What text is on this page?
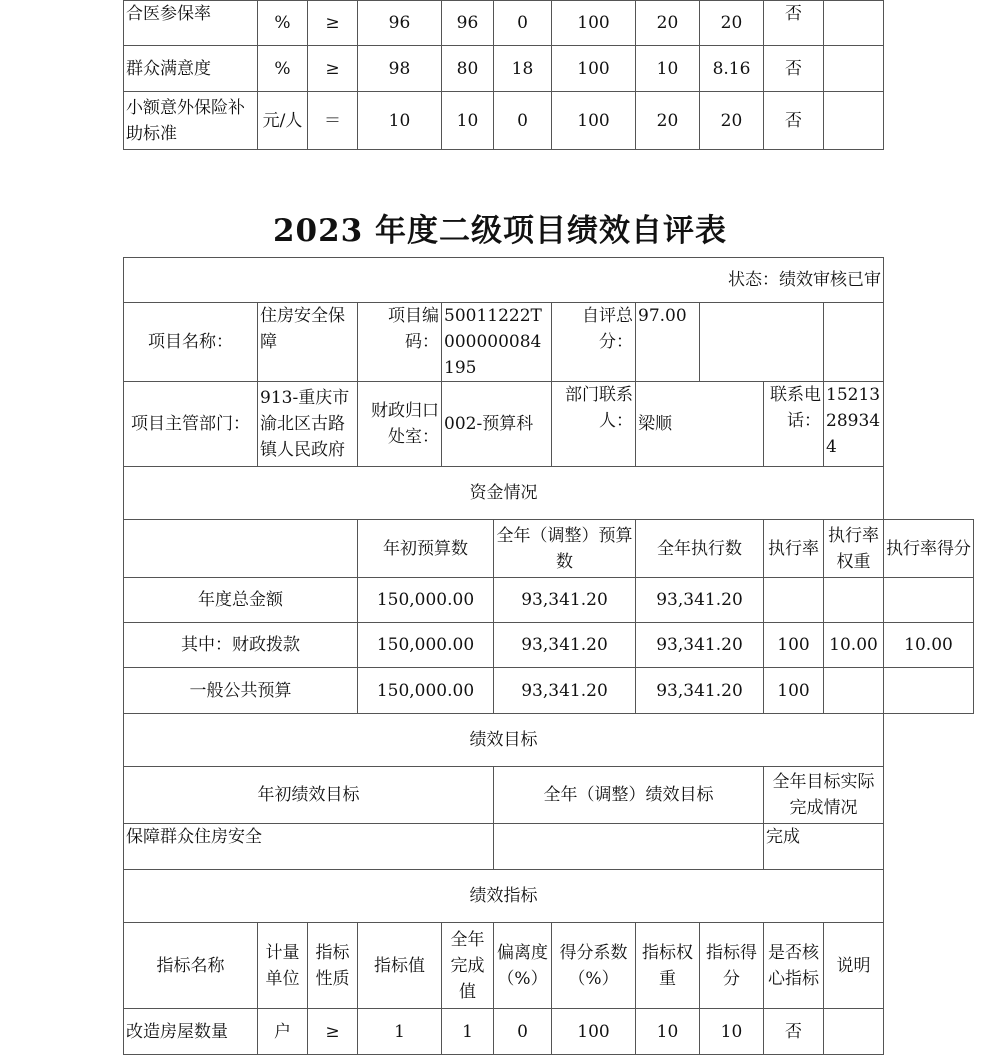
合医参保率	%	≥	96	96	0	100	20	20	否	
群众满意度	%	≥	98	80	18	100	10	8.16	否	
小额意外保险补助标准	元/人	＝	10	10	0	100	20	20	否	
2023 年度二级项目绩效自评表
状态：绩效审核已审											
项目名称：	住房安全保障		项目编码：	50011222T000000084195		自评总分：	97.00				
项目主管部门：	913-重庆市渝北区古路镇人民政府		财政归口处室：	002-预算科		部门联系人：	梁顺		联系电话：	15213289344	
资金情况											
			年初预算数		全年（调整）预算数		全年执行数		执行率	执行率权重	执行率得分
年度总金额			150,000.00		93,341.20		93,341.20				
其中：财政拨款			150,000.00		93,341.20		93,341.20		100	10.00	10.00
一般公共预算			150,000.00		93,341.20		93,341.20		100		
绩效目标											
年初绩效目标					全年（调整）绩效目标				全年目标实际完成情况		
保障群众住房安全									完成		
绩效指标											
指标名称	计量单位	指标性质	指标值	全年完成值	偏离度（%）	得分系数（%）	指标权重	指标得分	是否核心指标	说明	
改造房屋数量	户	≥	1	1	0	100	10	10	否		
